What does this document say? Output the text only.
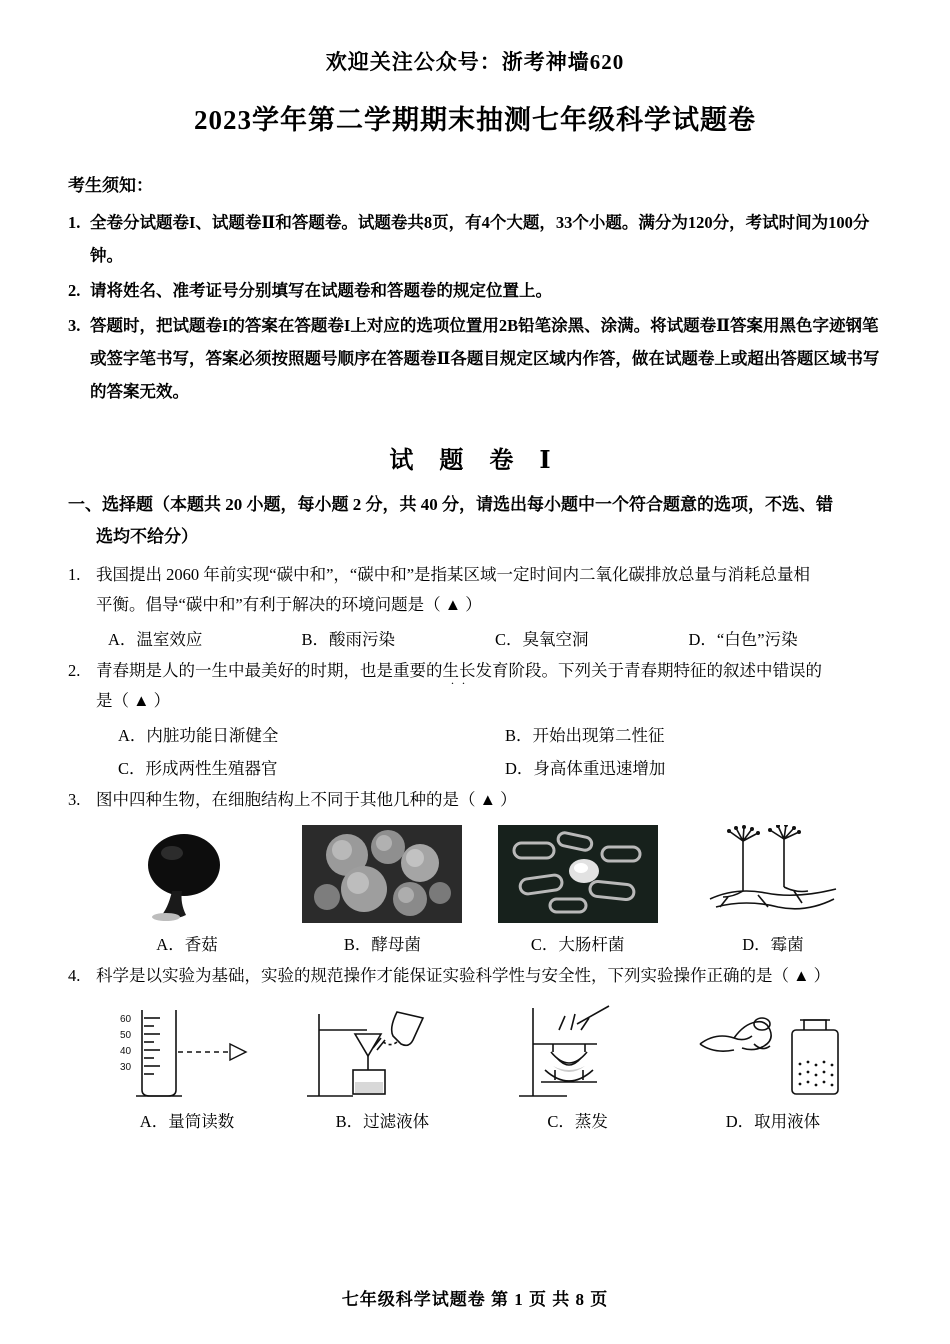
欢迎关注公众号：浙考神墙620
2023学年第二学期期末抽测七年级科学试题卷
考生须知：
1. 全卷分试题卷I、试题卷Ⅱ和答题卷。试题卷共8页，有4个大题，33个小题。满分为120分，考试时间为100分钟。
2. 请将姓名、准考证号分别填写在试题卷和答题卷的规定位置上。
3. 答题时，把试题卷I的答案在答题卷I上对应的选项位置用2B铅笔涂黑、涂满。将试题卷Ⅱ答案用黑色字迹钢笔或签字笔书写，答案必须按照题号顺序在答题卷Ⅱ各题目规定区域内作答，做在试题卷上或超出答题区域书写的答案无效。
试 题 卷 Ⅰ
一、选择题（本题共 20 小题，每小题 2 分，共 40 分，请选出每小题中一个符合题意的选项，不选、错
选均不给分）
1. 我国提出 2060 年前实现“碳中和”，“碳中和”是指某区域一定时间内二氧化碳排放总量与消耗总量相
平衡。倡导“碳中和”有利于解决的环境问题是（ ▲ ）
A．温室效应	B．酸雨污染	C．臭氧空洞	D．“白色”污染
2. 青春期是人的一生中最美好的时期，也是重要的生长发育阶段。下列关于青春期特征的叙述中错误的 · ·
是（ ▲ ）
A．内脏功能日渐健全	B．开始出现第二性征
C．形成两性生殖器官	D．身高体重迅速增加
3. 图中四种生物，在细胞结构上不同于其他几种的是（ ▲ ）
A．香菇	B．酵母菌	C．大肠杆菌	D．霉菌
4. 科学是以实验为基础，实验的规范操作才能保证实验科学性与安全性，下列实验操作正确的是（ ▲ ）
60
50
40
30
A．量筒读数	B．过滤液体	C．蒸发	D．取用液体
七年级科学试题卷 第 1 页 共 8 页
